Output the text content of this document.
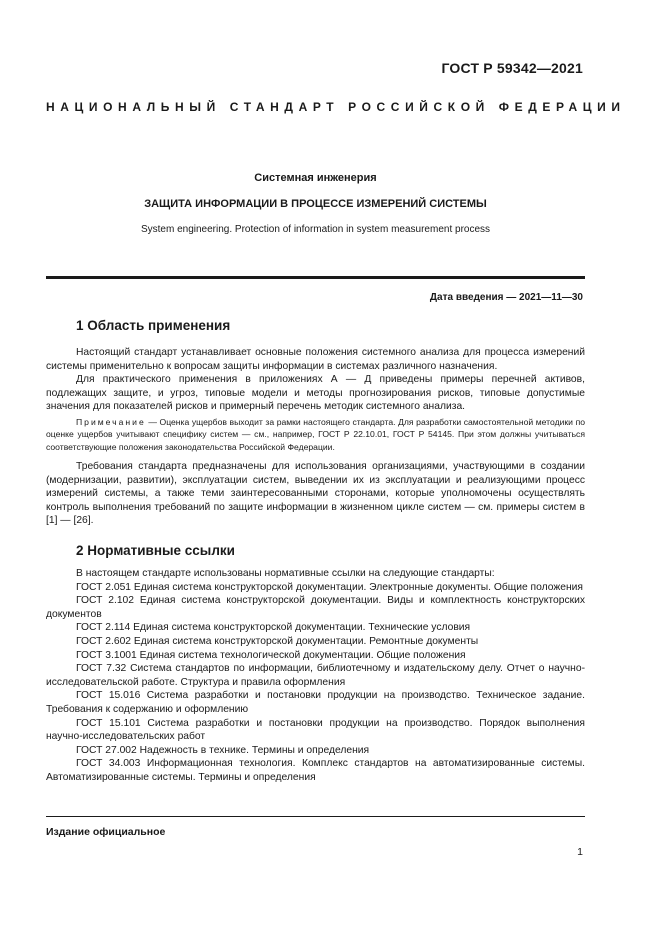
ГОСТ Р 59342—2021
НАЦИОНАЛЬНЫЙ СТАНДАРТ РОССИЙСКОЙ ФЕДЕРАЦИИ
Системная инженерия
ЗАЩИТА ИНФОРМАЦИИ В ПРОЦЕССЕ ИЗМЕРЕНИЙ СИСТЕМЫ
System engineering. Protection of information in system measurement process
Дата введения — 2021—11—30
1 Область применения
Настоящий стандарт устанавливает основные положения системного анализа для процесса измерений системы применительно к вопросам защиты информации в системах различного назначения.
Для практического применения в приложениях А — Д приведены примеры перечней активов, подлежащих защите, и угроз, типовые модели и методы прогнозирования рисков, типовые допустимые значения для показателей рисков и примерный перечень методик системного анализа.
Примечание — Оценка ущербов выходит за рамки настоящего стандарта. Для разработки самостоятельной методики по оценке ущербов учитывают специфику систем — см., например, ГОСТ Р 22.10.01, ГОСТ Р 54145. При этом должны учитываться соответствующие положения законодательства Российской Федерации.
Требования стандарта предназначены для использования организациями, участвующими в создании (модернизации, развитии), эксплуатации систем, выведении их из эксплуатации и реализующими процесс измерений системы, а также теми заинтересованными сторонами, которые уполномочены осуществлять контроль выполнения требований по защите информации в жизненном цикле систем — см. примеры систем в [1] — [26].
2 Нормативные ссылки

В настоящем стандарте использованы нормативные ссылки на следующие стандарты:

ГОСТ 2.051 Единая система конструкторской документации. Электронные документы. Общие положения

ГОСТ 2.102 Единая система конструкторской документации. Виды и комплектность конструкторских документов

ГОСТ 2.114 Единая система конструкторской документации. Технические условия

ГОСТ 2.602 Единая система конструкторской документации. Ремонтные документы

ГОСТ 3.1001 Единая система технологической документации. Общие положения

ГОСТ 7.32 Система стандартов по информации, библиотечному и издательскому делу. Отчет о научно-исследовательской работе. Структура и правила оформления

ГОСТ 15.016 Система разработки и постановки продукции на производство. Техническое задание. Требования к содержанию и оформлению

ГОСТ 15.101 Система разработки и постановки продукции на производство. Порядок выполнения научно-исследовательских работ

ГОСТ 27.002 Надежность в технике. Термины и определения

ГОСТ 34.003 Информационная технология. Комплекс стандартов на автоматизированные системы. Автоматизированные системы. Термины и определения

Издание официальное
1
